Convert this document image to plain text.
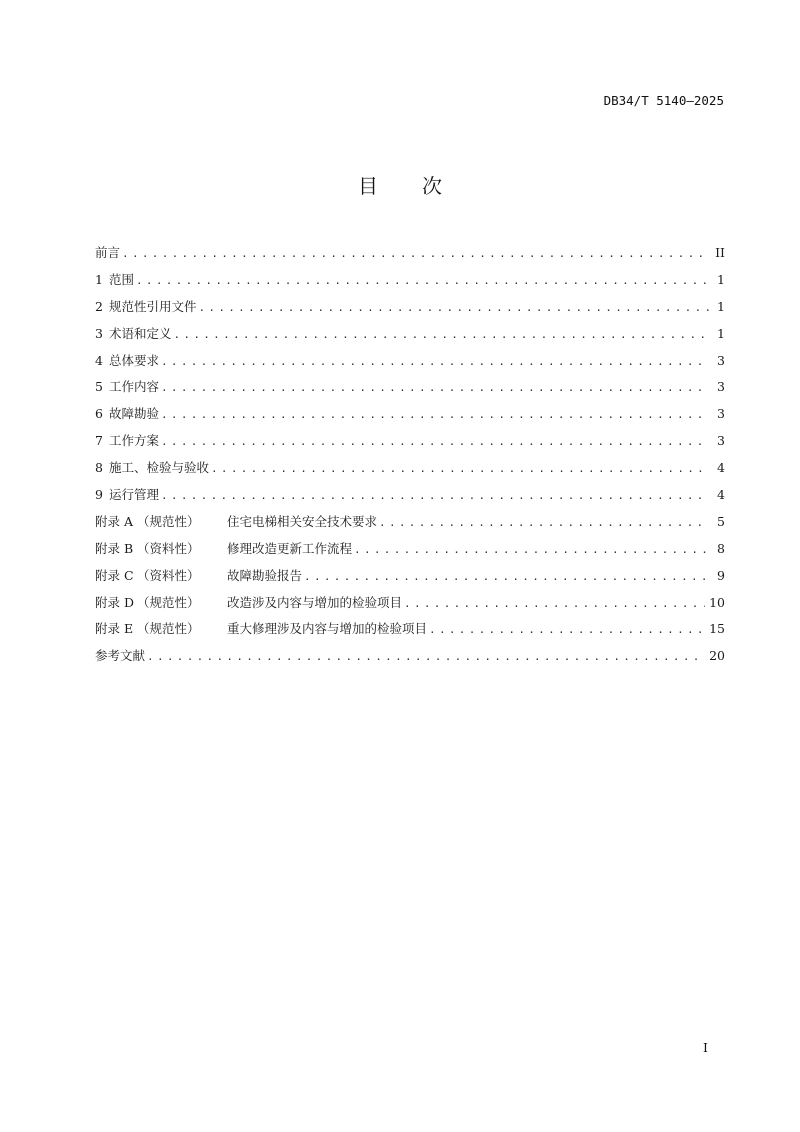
DB34/T 5140—2025
目 次
前言 .....	II
1 范围 .....	1
2 规范性引用文件 .....	1
3 术语和定义 .....	1
4 总体要求 .....	3
5 工作内容 .....	3
6 故障勘验 .....	3
7 工作方案 .....	3
8 施工、检验与验收 .....	4
9 运行管理 .....	4
附录 A （规范性） 住宅电梯相关安全技术要求 .....	5
附录 B （资料性） 修理改造更新工作流程 .....	8
附录 C （资料性） 故障勘验报告 .....	9
附录 D （规范性） 改造涉及内容与增加的检验项目 .....	10
附录 E （规范性） 重大修理涉及内容与增加的检验项目 .....	15
参考文献 .....	20
I
